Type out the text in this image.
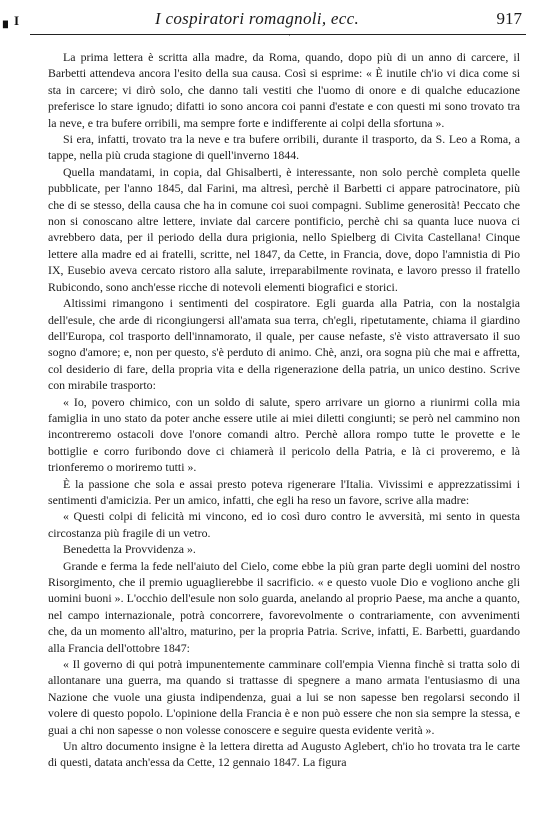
▖I	I cospiratori romagnoli, ecc.	917
·

La prima lettera è scritta alla madre, da Roma, quando, dopo più di un anno di carcere, il Barbetti attendeva ancora l'esito della sua causa. Così si esprime: « È inutile ch'io vi dica come si sta in carcere; vi dirò solo, che danno tali vestiti che l'uomo di onore e di qualche educazione preferisce lo stare ignudo; difatti io sono ancora coi panni d'estate e con questi mi sono trovato tra la neve, e tra bufere orribili, ma sempre forte e indifferente ai colpi della sfortuna ».

Si era, infatti, trovato tra la neve e tra bufere orribili, durante il trasporto, da S. Leo a Roma, a tappe, nella più cruda stagione di quell'inverno 1844.

Quella mandatami, in copia, dal Ghisalberti, è interessante, non solo perchè completa quelle pubblicate, per l'anno 1845, dal Farini, ma altresì, perchè il Barbetti ci appare patrocinatore, più che di se stesso, della causa che ha in comune coi suoi compagni. Sublime generosità! Peccato che non si conoscano altre lettere, inviate dal carcere pontificio, perchè chi sa quanta luce nuova ci avrebbero data, per il periodo della dura prigionia, nello Spielberg di Civita Castellana! Cinque lettere alla madre ed ai fratelli, scritte, nel 1847, da Cette, in Francia, dove, dopo l'amnistia di Pio IX, Eusebio aveva cercato ristoro alla salute, irreparabilmente rovinata, e lavoro presso il fratello Rubicondo, sono anch'esse ricche di notevoli elementi biografici e storici.

Altissimi rimangono i sentimenti del cospiratore. Egli guarda alla Patria, con la nostalgia dell'esule, che arde di ricongiungersi all'amata sua terra, ch'egli, ripetutamente, chiama il giardino dell'Europa, col trasporto dell'innamorato, il quale, per cause nefaste, s'è visto attraversato il suo sogno d'amore; e, non per questo, s'è perduto di animo. Chè, anzi, ora sogna più che mai e affretta, col desiderio di fare, della propria vita e della rigenerazione della patria, un unico destino. Scrive con mirabile trasporto:

« Io, povero chimico, con un soldo di salute, spero arrivare un giorno a riunirmi colla mia famiglia in uno stato da poter anche essere utile ai miei diletti congiunti; se però nel cammino non incontreremo ostacoli dove l'onore comandi altro. Perchè allora rompo tutte le provette e le bottiglie e corro furibondo dove ci chiamerà il pericolo della Patria, e là ci proveremo, e là trionferemo o moriremo tutti ».

È la passione che sola e assai presto poteva rigenerare l'Italia. Vivissimi e apprezzatissimi i sentimenti d'amicizia. Per un amico, infatti, che egli ha reso un favore, scrive alla madre:

« Questi colpi di felicità mi vincono, ed io così duro contro le avversità, mi sento in questa circostanza più fragile di un vetro.

Benedetta la Provvidenza ».

Grande e ferma la fede nell'aiuto del Cielo, come ebbe la più gran parte degli uomini del nostro Risorgimento, che il premio uguaglierebbe il sacrificio. « e questo vuole Dio e vogliono anche gli uomini buoni ». L'occhio dell'esule non solo guarda, anelando al proprio Paese, ma anche a quanto, nel campo internazionale, potrà concorrere, favorevolmente o contrariamente, con avvenimenti che, da un momento all'altro, maturino, per la propria Patria. Scrive, infatti, E. Barbetti, guardando alla Francia dell'ottobre 1847:

« Il governo di qui potrà impunentemente camminare coll'empia Vienna finchè si tratta solo di allontanare una guerra, ma quando si trattasse di spegnere a mano armata l'entusiasmo di una Nazione che vuole una giusta indipendenza, guai a lui se non sapesse ben regolarsi secondo il volere di questo popolo. L'opinione della Francia è e non può essere che non sia sempre la stessa, e guai a chi non sapesse o non volesse conoscere e seguire questa evidente verità ».

Un altro documento insigne è la lettera diretta ad Augusto Aglebert, ch'io ho trovata tra le carte di questi, datata anch'essa da Cette, 12 gennaio 1847. La figura
